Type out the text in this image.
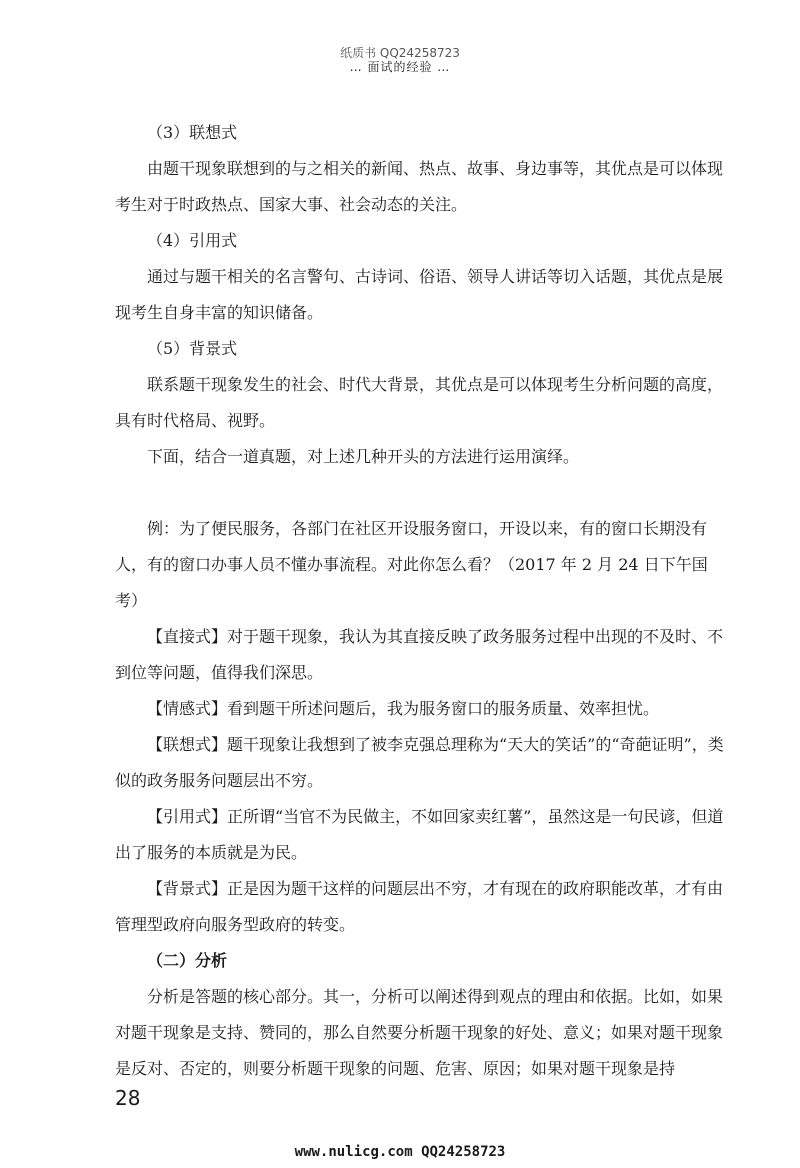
纸质书 QQ24258723
… 面试的经验 …

（3）联想式

由题干现象联想到的与之相关的新闻、热点、故事、身边事等，其优点是可以体现考生对于时政热点、国家大事、社会动态的关注。

（4）引用式

通过与题干相关的名言警句、古诗词、俗语、领导人讲话等切入话题，其优点是展现考生自身丰富的知识储备。

（5）背景式

联系题干现象发生的社会、时代大背景，其优点是可以体现考生分析问题的高度，具有时代格局、视野。

下面，结合一道真题，对上述几种开头的方法进行运用演绎。

例：为了便民服务，各部门在社区开设服务窗口，开设以来，有的窗口长期没有人，有的窗口办事人员不懂办事流程。对此你怎么看？（2017 年 2 月 24 日下午国考）

【直接式】对于题干现象，我认为其直接反映了政务服务过程中出现的不及时、不到位等问题，值得我们深思。

【情感式】看到题干所述问题后，我为服务窗口的服务质量、效率担忧。

【联想式】题干现象让我想到了被李克强总理称为“天大的笑话”的“奇葩证明”，类似的政务服务问题层出不穷。

【引用式】正所谓“当官不为民做主，不如回家卖红薯”，虽然这是一句民谚，但道出了服务的本质就是为民。

【背景式】正是因为题干这样的问题层出不穷，才有现在的政府职能改革，才有由管理型政府向服务型政府的转变。

（二）分析

分析是答题的核心部分。其一，分析可以阐述得到观点的理由和依据。比如，如果对题干现象是支持、赞同的，那么自然要分析题干现象的好处、意义；如果对题干现象是反对、否定的，则要分析题干现象的问题、危害、原因；如果对题干现象是持

28
www.nulicg.com QQ24258723
